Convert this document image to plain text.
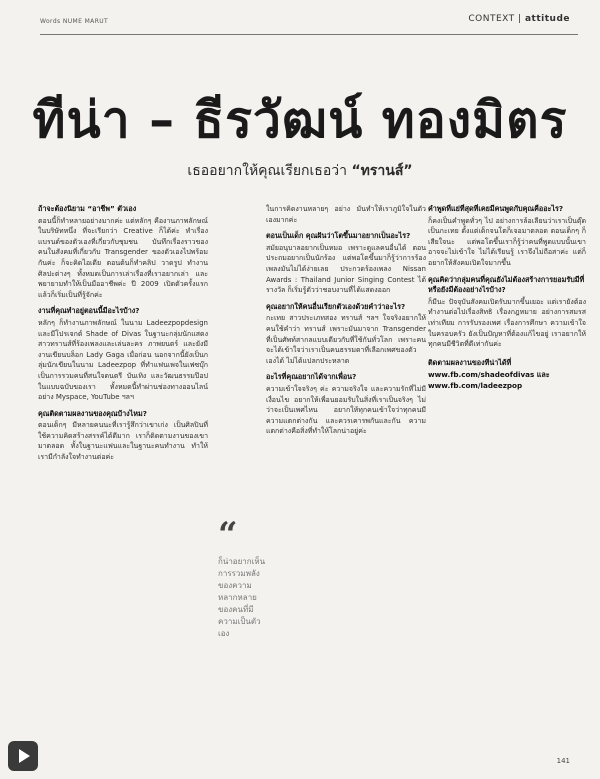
Words NUME MARUT	CONTEXT | attitude
ทีน่า – ธีรวัฒน์ ทองมิตร
เธออยากให้คุณเรียกเธอว่า “ทรานส์”
ถ้าจะต้องนิยาม “อาชีพ” ตัวเอง

ตอนนี้ก็ทำหลายอย่างมากค่ะ แต่หลักๆ คืองานภาพลักษณ์ในบริษัทหนึ่ง ที่จะเรียกว่า Creative ก็ได้ค่ะ ทำเรื่องแบรนด์ของตัวเองที่เกี่ยวกับชุมชน บันทึกเรื่องราวของคนในสังคมที่เกี่ยวกับ Transgender ของตัวเองไปพร้อมกันค่ะ ก็จะคิดไอเดีย ตอนต้นก็ทำคลิป วาดรูป ทำงานศิลปะต่างๆ ทั้งหมดเป็นการเล่าเรื่องที่เราอยากเล่า และพยายามทำให้เป็นมืออาชีพค่ะ ปี 2009 เปิดตัวครั้งแรกแล้วก็เริ่มเป็นที่รู้จักค่ะ

งานที่คุณทำอยู่ตอนนี้มีอะไรบ้าง?

หลักๆ ก็ทำงานภาพลักษณ์ ในนาม Ladeezpopdesign และมีโปรเจกต์ Shade of Divas ในฐานะกลุ่มนักแสดงสาวทรานส์ที่ร้องเพลงและเล่นละคร ภาพยนตร์ และยังมีงานเขียนบล็อก Lady Gaga เมื่อก่อน นอกจากนี้ยังเป็นกลุ่มนักเขียนในนาม Ladeezpop ที่ทำแฟนเพจในเฟซบุ๊ก เป็นการรวมคนที่สนใจดนตรี บันเทิง และวัฒนธรรมป๊อปในแบบฉบับของเรา ทั้งหมดนี้ทำผ่านช่องทางออนไลน์ อย่าง Myspace, YouTube ฯลฯ

คุณติดตามผลงานของคุณบ้างไหม?

ตอนเด็กๆ มีหลายคนนะที่เรารู้สึกว่าเขาเก่ง เป็นศิลปินที่ใช้ความคิดสร้างสรรค์ได้ดีมาก เราก็ติดตามงานของเขามาตลอด ทั้งในฐานะแฟนและในฐานะคนทำงาน ทำให้เรามีกำลังใจทำงานต่อค่ะ

“
ก็น่าอยากเห็นการรวมพลังของความหลากหลายของคนที่มีความเป็นตัวเอง

ในการคิดงานหลายๆ อย่าง มันทำให้เราภูมิใจในตัวเองมากค่ะ

ตอนเป็นเด็ก คุณฝันว่าโตขึ้นมาอยากเป็นอะไร?

สมัยอนุบาลอยากเป็นหมอ เพราะดูแลคนอื่นได้ ตอนประถมอยากเป็นนักร้อง แต่พอโตขึ้นมาก็รู้ว่าการร้องเพลงมันไม่ได้ง่ายเลย ประกวดร้องเพลง Nissan Awards : Thailand Junior Singing Contest ได้รางวัล ก็เริ่มรู้ตัวว่าชอบงานที่ได้แสดงออก

คุณอยากให้คนอื่นเรียกตัวเองด้วยคำว่าอะไร?

กะเทย สาวประเภทสอง ทรานส์ ฯลฯ ใจจริงอยากให้คนใช้คำว่า ทรานส์ เพราะมันมาจาก Transgender ที่เป็นศัพท์สากลแบบเดียวกับที่ใช้กันทั่วโลก เพราะคนจะได้เข้าใจว่าเราเป็นคนธรรมดาที่เลือกเพศของตัวเองได้ ไม่ได้แปลกประหลาด

อะไรที่คุณอยากได้จากเพื่อน?

ความเข้าใจจริงๆ ค่ะ ความจริงใจ และความรักที่ไม่มีเงื่อนไข อยากให้เพื่อนยอมรับในสิ่งที่เราเป็นจริงๆ ไม่ว่าจะเป็นเพศไหน อยากให้ทุกคนเข้าใจว่าทุกคนมีความแตกต่างกัน และควรเคารพกันและกัน ความแตกต่างคือสิ่งที่ทำให้โลกน่าอยู่ค่ะ

คำพูดที่แย่ที่สุดที่เคยมีคนพูดกับคุณคืออะไร?

ก็คงเป็นคำพูดทั่วๆ ไป อย่างการล้อเลียนว่าเราเป็นตุ๊ด เป็นกะเทย ตั้งแต่เด็กจนโตก็เจอมาตลอด ตอนเด็กๆ ก็เสียใจนะ แต่พอโตขึ้นเราก็รู้ว่าคนที่พูดแบบนั้นเขาอาจจะไม่เข้าใจ ไม่ได้เรียนรู้ เราจึงไม่ถือสาค่ะ แต่ก็อยากให้สังคมเปิดใจมากขึ้น

คุณคิดว่ากลุ่มคนที่คุณยังไม่ต้องสร้างการยอมรับมีที่หรือยังมีต้องอย่างไรบ้าง?

ก็มีนะ ปัจจุบันสังคมเปิดรับมากขึ้นเยอะ แต่เรายังต้องทำงานต่อไปเรื่องสิทธิ เรื่องกฎหมาย อย่างการสมรสเท่าเทียม การรับรองเพศ เรื่องการศึกษา ความเข้าใจในครอบครัว ยังเป็นปัญหาที่ต้องแก้ไขอยู่ เราอยากให้ทุกคนมีชีวิตที่ดีเท่ากันค่ะ

ติดตามผลงานของทีน่าได้ที่
www.fb.com/shadeofdivas และ
www.fb.com/ladeezpop
141
